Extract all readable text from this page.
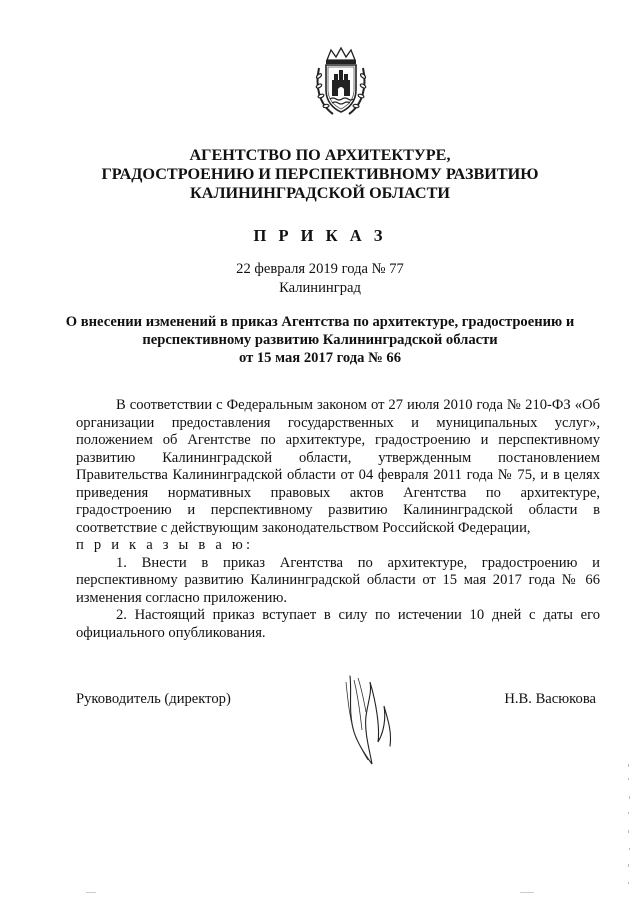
АГЕНТСТВО ПО АРХИТЕКТУРЕ,
ГРАДОСТРОЕНИЮ И ПЕРСПЕКТИВНОМУ РАЗВИТИЮ
КАЛИНИНГРАДСКОЙ ОБЛАСТИ
П Р И К А З
22 февраля 2019 года № 77
Калининград
О внесении изменений в приказ Агентства по архитектуре, градостроению и
перспективному развитию Калининградской области
от 15 мая 2017 года № 66

В соответствии с Федеральным законом от 27 июля 2010 года № 210-ФЗ «Об организации предоставления государственных и муниципальных услуг», положением об Агентстве по архитектуре, градостроению и перспективному развитию Калининградской области, утвержденным постановлением Правительства Калининградской области от 04 февраля 2011 года № 75, и в целях приведения нормативных правовых актов Агентства по архитектуре, градостроению и перспективному развитию Калининградской области в соответствие с действующим законодательством Российской Федерации,

п р и к а з ы в а ю:

1. Внести в приказ Агентства по архитектуре, градостроению и перспективному развитию Калининградской области от 15 мая 2017 года № 66 изменения согласно приложению.

2. Настоящий приказ вступает в силу по истечении 10 дней с даты его официального опубликования.

Руководитель (директор)	Н.В. Васюкова
